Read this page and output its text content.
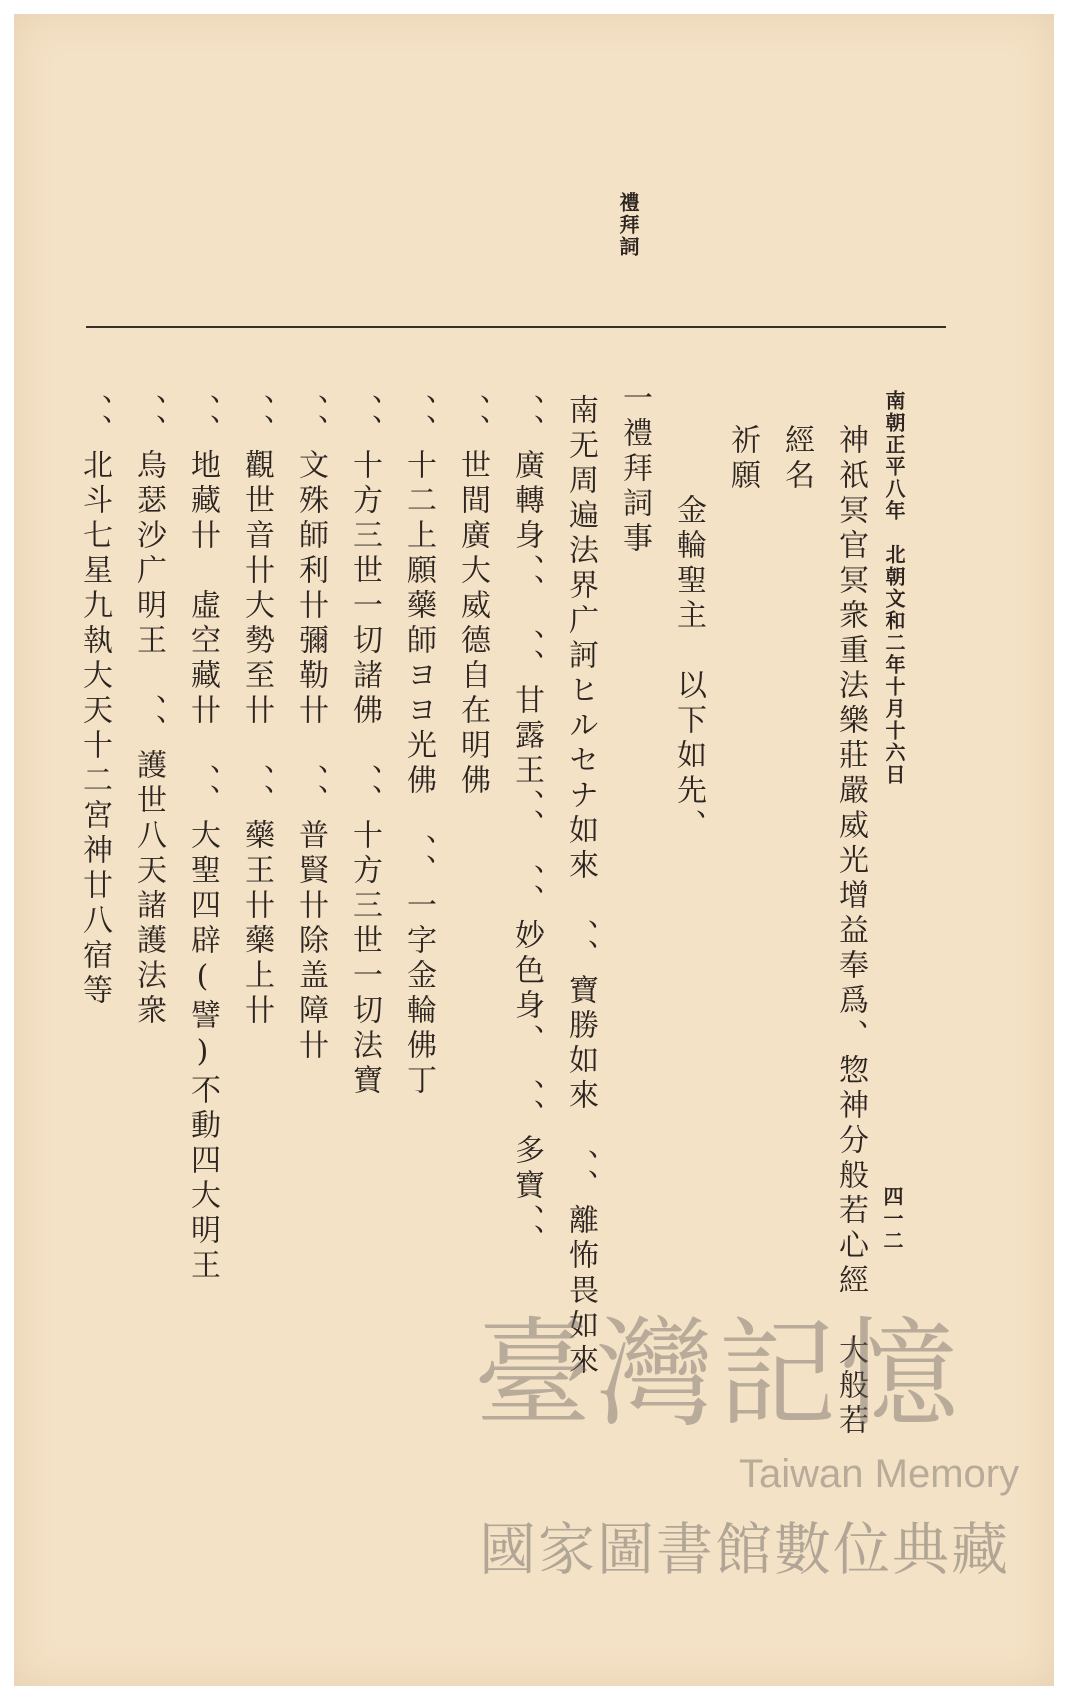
禮拜詞
四一二
南朝正平八年　北朝文和二年十月十六日
神祇冥官冥衆重法樂莊嚴威光增益奉爲、惣神分般若心經　大般若
經名
祈願
金輪聖主　以下如先、
一禮拜詞事
南无周遍法界广訶ヒルセナ如來　、、寶勝如來　、、離怖畏如來
、、廣轉身、、　、、甘露王、、　、、妙色身、　、、多寶、、
、、世間廣大威德自在明佛
、、十二上願藥師ヨヨ光佛　、、一字金輪佛丁
、、十方三世一切諸佛　、、十方三世一切法寶
、、文殊師利卄彌勒卄　、、普賢卄除盖障卄
、、觀世音卄大勢至卄　、、藥王卄藥上卄
、、地藏卄　虛空藏卄　、、大聖四辟(譬)不動四大明王
、、烏瑟沙广明王　、、護世八天諸護法衆
、、北斗七星九執大天十二宮神廿八宿等
臺灣記憶
Taiwan Memory
國家圖書館數位典藏
